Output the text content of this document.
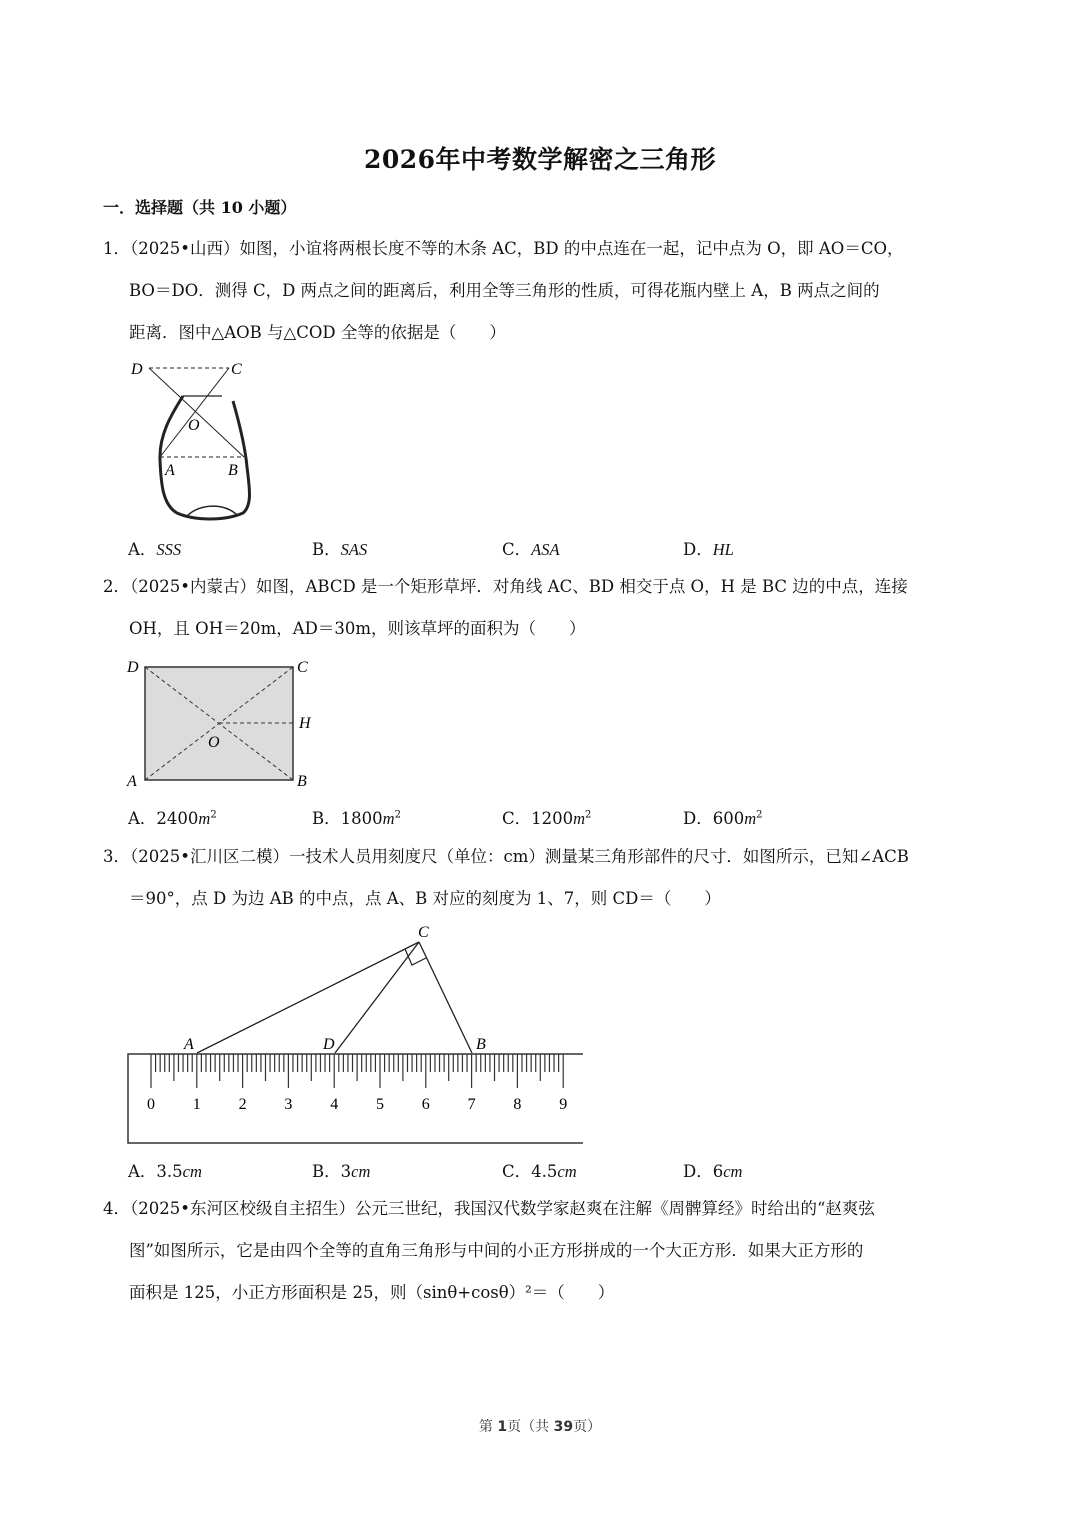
2026年中考数学解密之三角形
一．选择题（共 10 小题）
1．（2025•山西）如图，小谊将两根长度不等的木条 AC，BD 的中点连在一起，记中点为 O，即 AO＝CO，
BO＝DO．测得 C，D 两点之间的距离后，利用全等三角形的性质，可得花瓶内壁上 A，B 两点之间的
距离．图中△AOB 与△COD 全等的依据是（　　）
D	C
O
A	B
A．SSS	B．SAS	C．ASA	D．HL
2．（2025•内蒙古）如图，ABCD 是一个矩形草坪．对角线 AC、BD 相交于点 O，H 是 BC 边的中点，连接
OH，且 OH＝20m，AD＝30m，则该草坪的面积为（　　）
D	C
H
O
A	B
A．$2400m^2$	B．$1800m^2$	C．$1200m^2$	D．$600m^2$
3．（2025•汇川区二模）一技术人员用刻度尺（单位：cm）测量某三角形部件的尺寸．如图所示，已知∠ACB
＝90°，点 D 为边 AB 的中点，点 A、B 对应的刻度为 1、7，则 CD＝（　　）
C
A	D	B
0 1 2 3 4 5 6 7 8 9
A．3.5cm	B．3cm	C．4.5cm	D．6cm
4．（2025•东河区校级自主招生）公元三世纪，我国汉代数学家赵爽在注解《周髀算经》时给出的“赵爽弦
图”如图所示，它是由四个全等的直角三角形与中间的小正方形拼成的一个大正方形．如果大正方形的
面积是 125，小正方形面积是 25，则（sinθ+cosθ）²＝（　　）
第 1页（共 39页）
